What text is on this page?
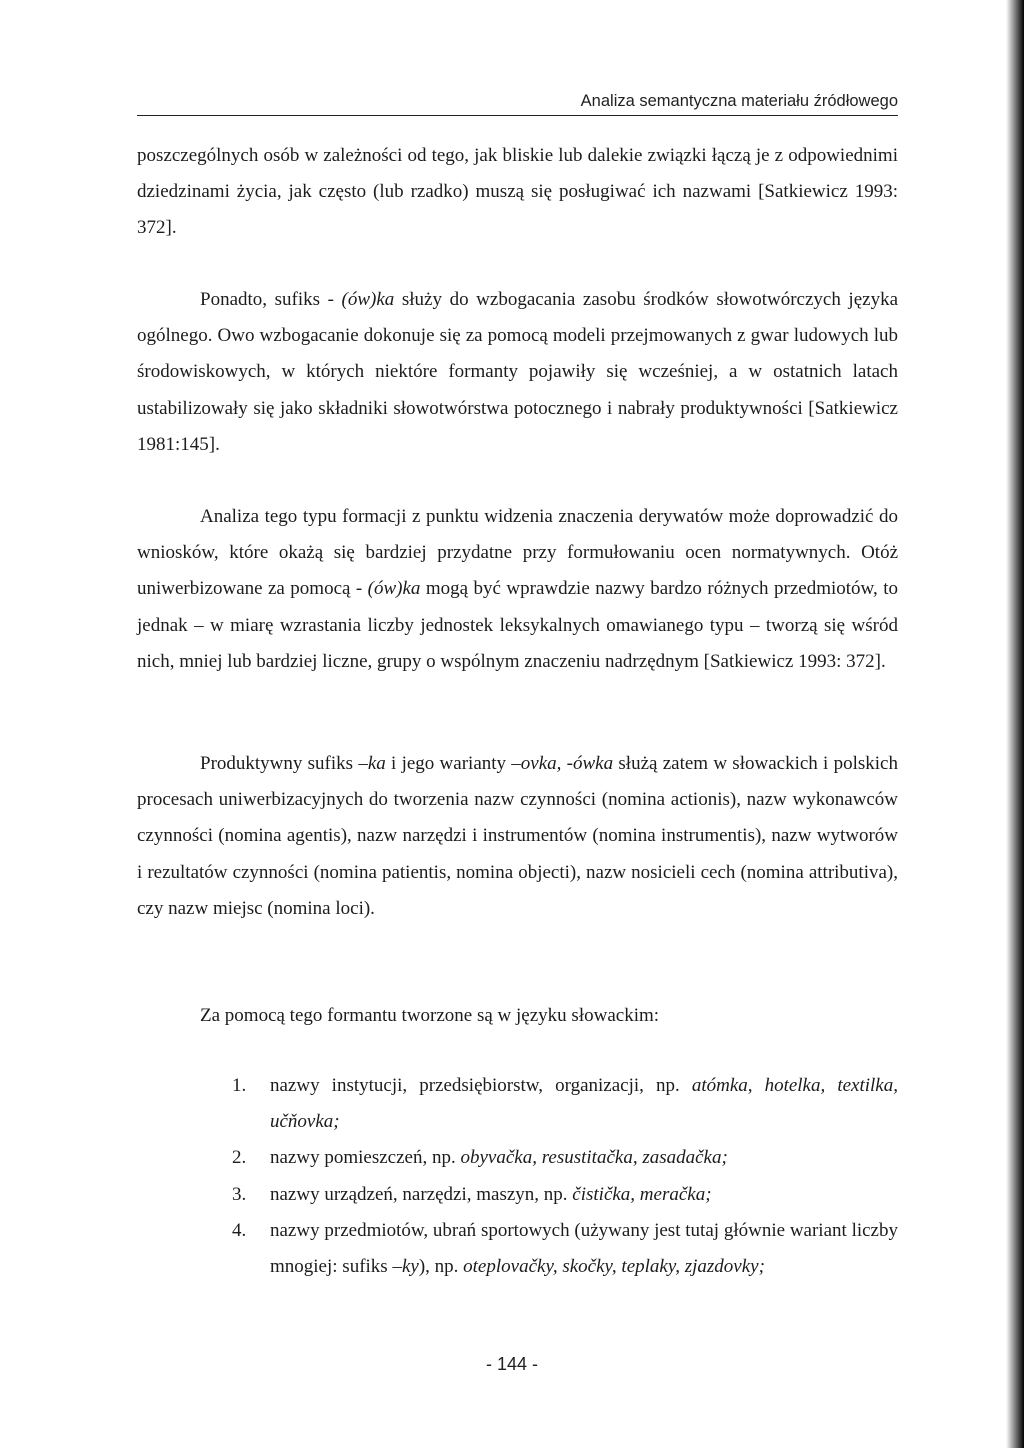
Analiza semantyczna materiału źródłowego

poszczególnych osób w zależności od tego, jak bliskie lub dalekie związki łączą je z odpowiednimi dziedzinami życia, jak często (lub rzadko) muszą się posługiwać ich nazwami [Satkiewicz 1993: 372].

Ponadto, sufiks - (ów)ka służy do wzbogacania zasobu środków słowotwórczych języka ogólnego. Owo wzbogacanie dokonuje się za pomocą modeli przejmowanych z gwar ludowych lub środowiskowych, w których niektóre formanty pojawiły się wcześniej, a w ostatnich latach ustabilizowały się jako składniki słowotwórstwa potocznego i nabrały produktywności [Satkiewicz 1981:145].

Analiza tego typu formacji z punktu widzenia znaczenia derywatów może doprowadzić do wniosków, które okażą się bardziej przydatne przy formułowaniu ocen normatywnych. Otóż uniwerbizowane za pomocą - (ów)ka mogą być wprawdzie nazwy bardzo różnych przedmiotów, to jednak – w miarę wzrastania liczby jednostek leksykalnych omawianego typu – tworzą się wśród nich, mniej lub bardziej liczne, grupy o wspólnym znaczeniu nadrzędnym [Satkiewicz 1993: 372].

Produktywny sufiks –ka i jego warianty –ovka, -ówka służą zatem w słowackich i polskich procesach uniwerbizacyjnych do tworzenia nazw czynności (nomina actionis), nazw wykonawców czynności (nomina agentis), nazw narzędzi i instrumentów (nomina instrumentis), nazw wytworów i rezultatów czynności (nomina patientis, nomina objecti), nazw nosicieli cech (nomina attributiva), czy nazw miejsc (nomina loci).

Za pomocą tego formantu tworzone są w języku słowackim:

1. nazwy instytucji, przedsiębiorstw, organizacji, np. atómka, hotelka, textilka, učňovka;
2. nazwy pomieszczeń, np. obyvačka, resustitačka, zasadačka;
3. nazwy urządzeń, narzędzi, maszyn, np. čistička, meračka;
4. nazwy przedmiotów, ubrań sportowych (używany jest tutaj głównie wariant liczby mnogiej: sufiks –ky), np. oteplovačky, skočky, teplaky, zjazdovky;
- 144 -
